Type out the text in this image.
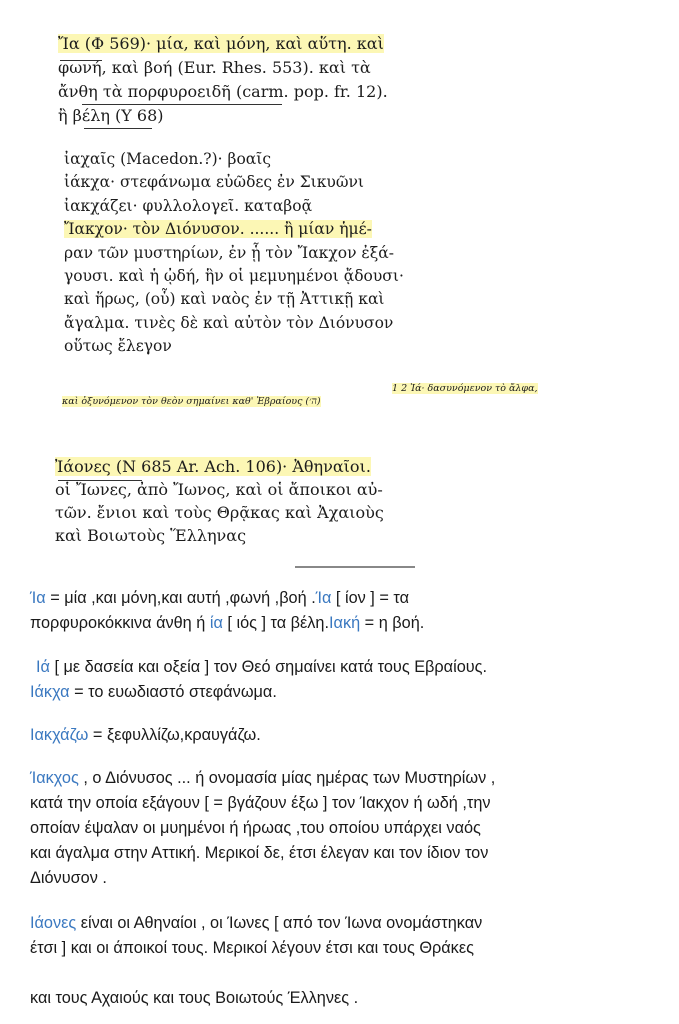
Ἴα (Φ 569)· μία, καὶ μόνη, καὶ αὕτη. καὶ
φωνή, καὶ βοή (Eur. Rhes. 553). καὶ τὰ
ἄνθη τὰ πορφυροειδῆ (carm. pop. fr. 12).
ἢ βέλη (Υ 68)
ἰαχαῖς (Macedon.?)· βοαῖς
ἰάκχα· στεφάνωμα εὐῶδες ἐν Σικυῶνι
ἰακχάζει· φυλλολογεῖ. καταβοᾷ
Ἴακχον· τὸν Διόνυσον. ...... ἢ μίαν ἡμέ-
ραν τῶν μυστηρίων, ἐν ᾗ τὸν Ἴακχον ἐξά-
γουσι. καὶ ἡ ᾠδή, ἣν οἱ μεμυημένοι ᾄδουσι·
καὶ ἥρως, (οὗ) καὶ ναὸς ἐν τῇ Ἀττικῇ καὶ
ἄγαλμα. τινὲς δὲ καὶ αὐτὸν τὸν Διόνυσον
οὕτως ἔλεγον
1 2 Ἰά· δασυνόμενον τὸ ἄλφα,
καὶ ὀξυνόμενον τὸν θεὸν σημαίνει καθ' Ἑβραίους (ה׳)
Ἰάονες (Ν 685 Ar. Ach. 106)· Ἀθηναῖοι.
οἱ Ἴωνες, ἀπὸ Ἴωνος, καὶ οἱ ἄποικοι αὐ-
τῶν. ἔνιοι καὶ τοὺς Θρᾷκας καὶ Ἀχαιοὺς
καὶ Βοιωτοὺς Ἕλληνας
Ία = μία ,και μόνη,και αυτή ,φωνή ,βοή .Ία [ ίον ] = τα
πορφυροκόκκινα άνθη ή ία [ ιός ] τα βέλη.Ιακή = η βοή.
Ιά [ με δασεία και οξεία ] τον Θεό σημαίνει κατά τους Εβραίους.
Ιάκχα = το ευωδιαστό στεφάνωμα.
Ιακχάζω = ξεφυλλίζω,κραυγάζω.
Ίακχος , ο Διόνυσος ... ή ονομασία μίας ημέρας των Μυστηρίων ,
κατά την οποία εξάγουν [ = βγάζουν έξω ] τον Ίακχον ή ωδή ,την
οποίαν έψαλαν οι μυημένοι ή ήρωας ,του οποίου υπάρχει ναός
και άγαλμα στην Αττική. Μερικοί δε, έτσι έλεγαν και τον ίδιον τον
Διόνυσον .
Ιάονες είναι οι Αθηναίοι , οι Ίωνες [ από τον Ίωνα ονομάστηκαν
έτσι ] και οι άποικοί τους. Μερικοί λέγουν έτσι και τους Θράκες
και τους Αχαιούς και τους Βοιωτούς Έλληνες .
